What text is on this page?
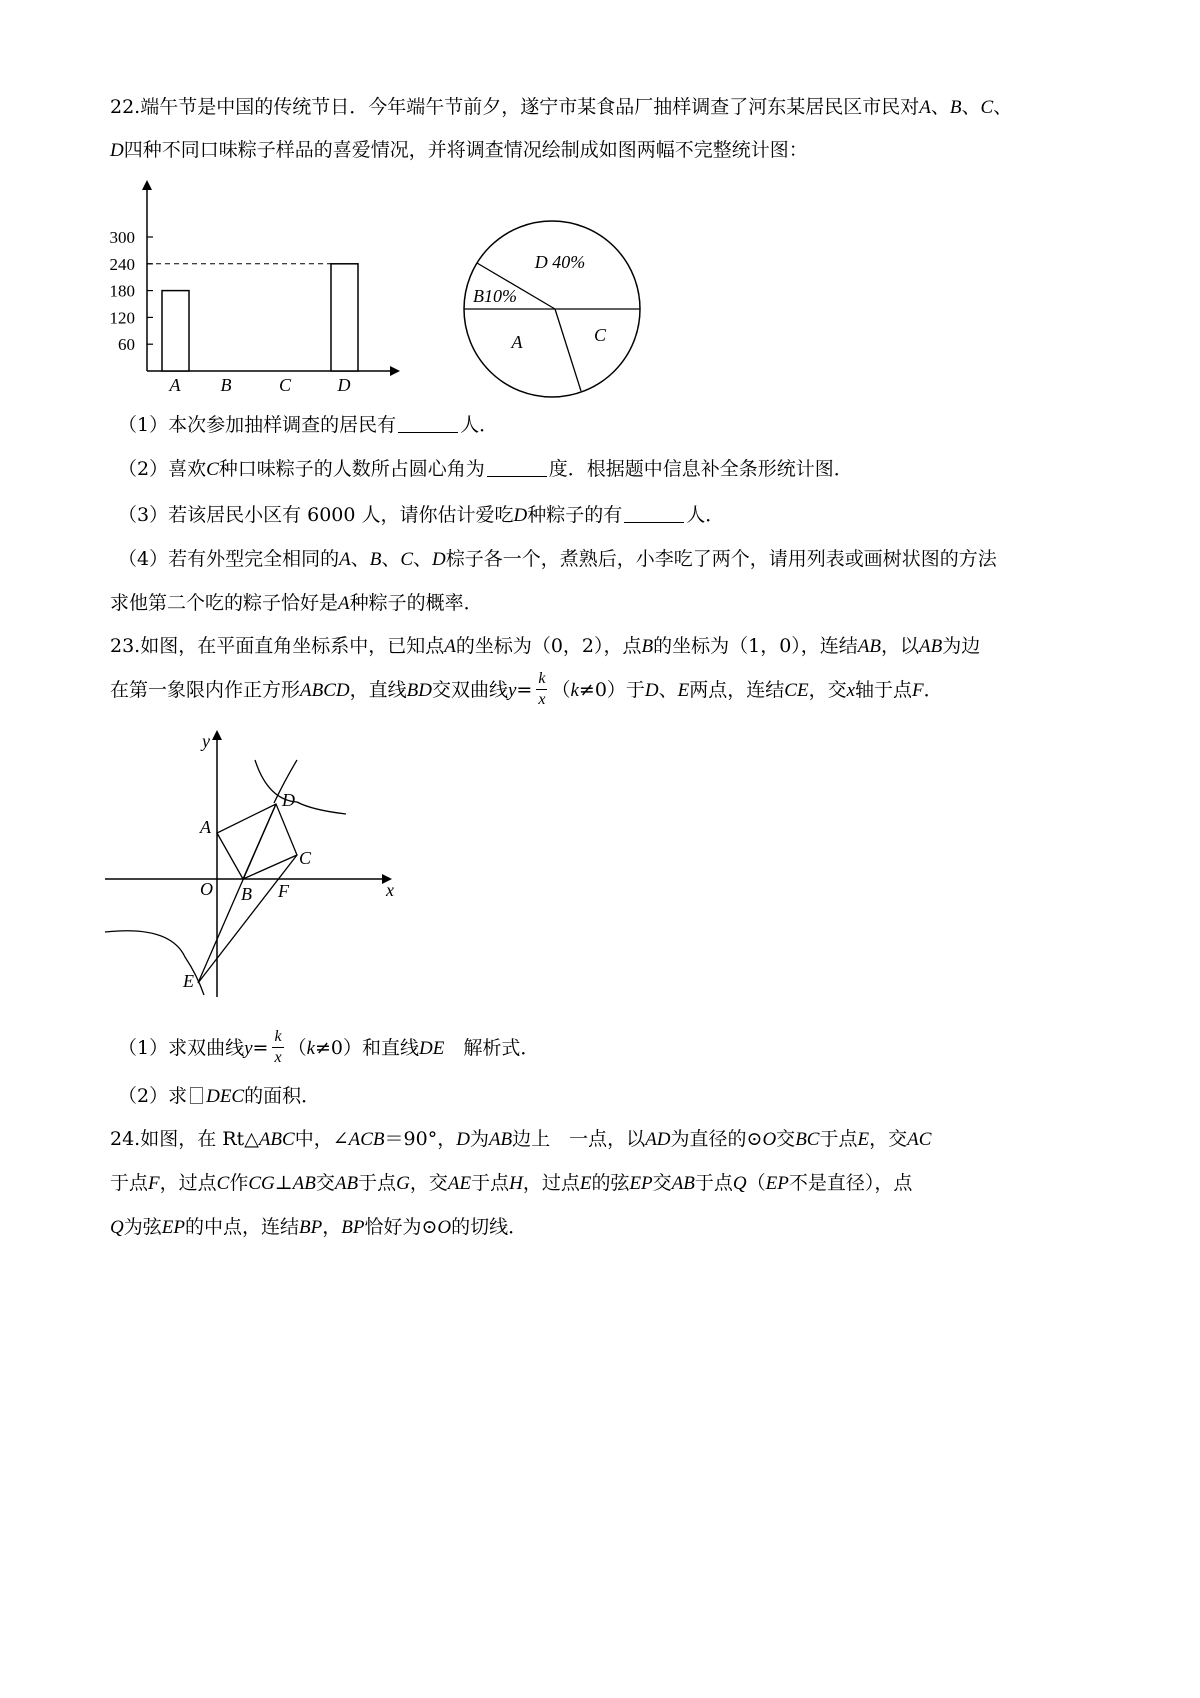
22.端午节是中国的传统节日．今年端午节前夕，遂宁市某食品厂抽样调查了河东某居民区市民对A、B、C、
D四种不同口味粽子样品的喜爱情况，并将调查情况绘制成如图两幅不完整统计图：
60
120
180
240
300
A B	C	D
D 40%
B10%
A	C
（1）本次参加抽样调查的居民有	人．
（2）喜欢C种口味粽子的人数所占圆心角为	度．根据题中信息补全条形统计图．
（3）若该居民小区有 6000 人，请你估计爱吃D种粽子的有	人．
（4）若有外型完全相同的A、B、C、D棕子各一个，煮熟后，小李吃了两个，请用列表或画树状图的方法
求他第二个吃的粽子恰好是A种粽子的概率．
23.如图，在平面直角坐标系中，已知点A的坐标为（0，2），点B的坐标为（1，0），连结AB，以AB为边
在第一象限内作正方形ABCD，直线BD交双曲线$y= \frac{k}{x} (k\ne 0)$于D、E两点，连结CE，交x轴于点F．
y
x
A
D
C
O B F
E
（1）求双曲线$y= \frac{k}{x} (k\ne 0)$和直线DE　 解析式．
（2）求 DEC的面积．
24.如图，在 Rt△ABC中，∠ACB＝90°，D为AB边上　一点，以AD为直径的⊙O交BC于点E，交AC
于点F，过点C作CG⊥AB交AB于点G，交AE于点H，过点E的弦EP交AB于点Q（EP不是直径），点
Q为弦EP的中点，连结BP，BP恰好为⊙O的切线．
